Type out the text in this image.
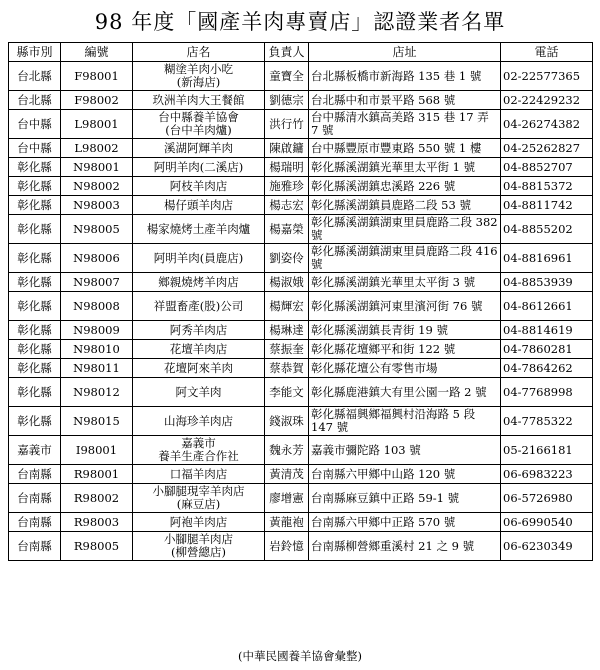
98 年度「國產羊肉專賣店」認證業者名單
縣市別	編號	店名	負責人	店址	電話
台北縣	F98001	糊塗羊肉小吃
(新海店)	童寶全	台北縣板橋市新海路 135 巷 1 號	02-22577365
台北縣	F98002	玖洲羊肉大王餐館	劉德宗	台北縣中和市景平路 568 號	02-22429232
台中縣	L98001	台中縣養羊協會
(台中羊肉爐)	洪行竹	台中縣清水鎮高美路 315 巷 17 弄 7 號	04-26274382
台中縣	L98002	溪湖阿輝羊肉	陳啟鏞	台中縣豐原市豐東路 550 號 1 樓	04-25262827
彰化縣	N98001	阿明羊肉(二溪店)	楊瑞明	彰化縣溪湖鎮光華里太平街 1 號	04-8852707
彰化縣	N98002	阿枝羊肉店	施雅珍	彰化縣溪湖鎮忠溪路 226 號	04-8815372
彰化縣	N98003	楊仔頭羊肉店	楊志宏	彰化縣溪湖鎮員鹿路二段 53 號	04-8811742
彰化縣	N98005	楊家燒烤土產羊肉爐	楊嘉榮	彰化縣溪湖鎮湖東里員鹿路二段 382 號	04-8855202
彰化縣	N98006	阿明羊肉(員鹿店)	劉姿伶	彰化縣溪湖鎮湖東里員鹿路二段 416 號	04-8816961
彰化縣	N98007	鄉親燒烤羊肉店	楊淑娥	彰化縣溪湖鎮光華里太平街 3 號	04-8853939
彰化縣	N98008	祥盟畜產(股)公司	楊輝宏	彰化縣溪湖鎮河東里濱河街 76 號	04-8612661
彰化縣	N98009	阿秀羊肉店	楊琳達	彰化縣溪湖鎮長青街 19 號	04-8814619
彰化縣	N98010	花壇羊肉店	蔡振奎	彰化縣花壇鄉平和街 122 號	04-7860281
彰化縣	N98011	花壇阿來羊肉	蔡恭賀	彰化縣花壇公有零售市場	04-7864262
彰化縣	N98012	阿文羊肉	李能文	彰化縣鹿港鎮大有里公園一路 2 號	04-7768998
彰化縣	N98015	山海珍羊肉店	錢淑珠	彰化縣福興鄉福興村沿海路 5 段 147 號	04-7785322
嘉義市	I98001	嘉義市
養羊生產合作社	魏永芳	嘉義市彌陀路 103 號	05-2166181
台南縣	R98001	口福羊肉店	黃清茂	台南縣六甲鄉中山路 120 號	06-6983223
台南縣	R98002	小腳腿現宰羊肉店
(麻豆店)	廖增憲	台南縣麻豆鎮中正路 59-1 號	06-5726980
台南縣	R98003	阿袍羊肉店	黃龍袍	台南縣六甲鄉中正路 570 號	06-6990540
台南縣	R98005	小腳腿羊肉店
(柳營總店)	岩鈴憶	台南縣柳營鄉重溪村 21 之 9 號	06-6230349
(中華民國養羊協會彙整)
